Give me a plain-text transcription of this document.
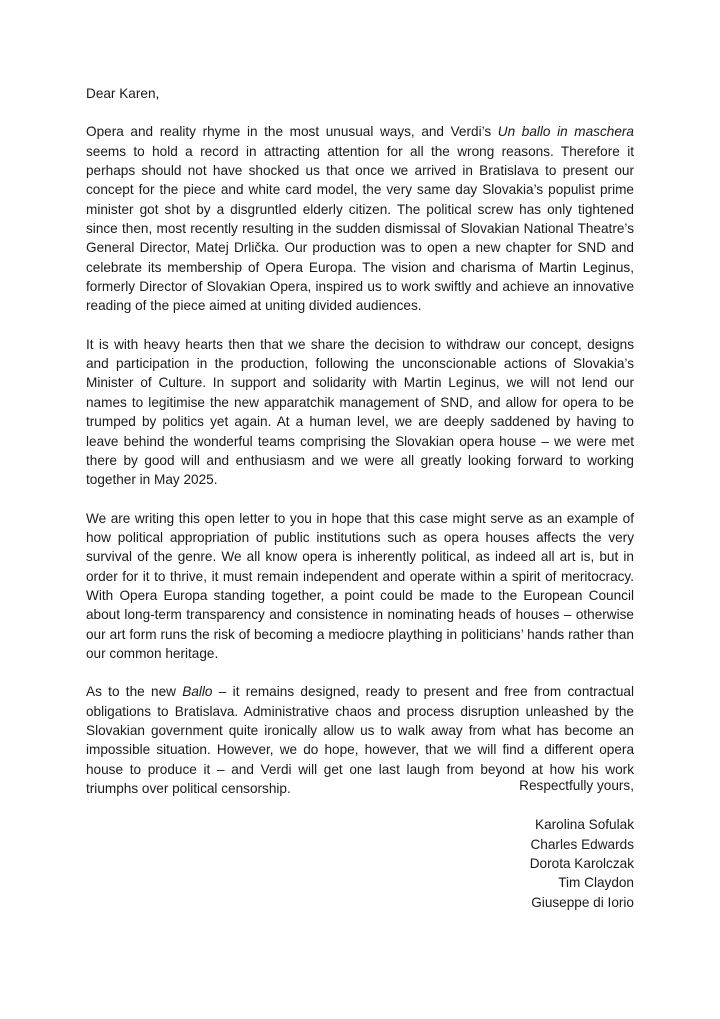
Dear Karen,

Opera and reality rhyme in the most unusual ways, and Verdi’s Un ballo in maschera seems to hold a record in attracting attention for all the wrong reasons. Therefore it perhaps should not have shocked us that once we arrived in Bratislava to present our concept for the piece and white card model, the very same day Slovakia’s populist prime minister got shot by a disgruntled elderly citizen. The political screw has only tightened since then, most recently resulting in the sudden dismissal of Slovakian National Theatre’s General Director, Matej Drlička. Our production was to open a new chapter for SND and celebrate its membership of Opera Europa. The vision and charisma of Martin Leginus, formerly Director of Slovakian Opera, inspired us to work swiftly and achieve an innovative reading of the piece aimed at uniting divided audiences.

It is with heavy hearts then that we share the decision to withdraw our concept, designs and participation in the production, following the unconscionable actions of Slovakia’s Minister of Culture. In support and solidarity with Martin Leginus, we will not lend our names to legitimise the new apparatchik management of SND, and allow for opera to be trumped by politics yet again. At a human level, we are deeply saddened by having to leave behind the wonderful teams comprising the Slovakian opera house – we were met there by good will and enthusiasm and we were all greatly looking forward to working together in May 2025.

We are writing this open letter to you in hope that this case might serve as an example of how political appropriation of public institutions such as opera houses affects the very survival of the genre. We all know opera is inherently political, as indeed all art is, but in order for it to thrive, it must remain independent and operate within a spirit of meritocracy. With Opera Europa standing together, a point could be made to the European Council about long-term transparency and consistence in nominating heads of houses – otherwise our art form runs the risk of becoming a mediocre plaything in politicians’ hands rather than our common heritage.

As to the new Ballo – it remains designed, ready to present and free from contractual obligations to Bratislava. Administrative chaos and process disruption unleashed by the Slovakian government quite ironically allow us to walk away from what has become an impossible situation. However, we do hope, however, that we will find a different opera house to produce it – and Verdi will get one last laugh from beyond at how his work triumphs over political censorship.	Respectfully yours,

Karolina Sofulak
Charles Edwards
Dorota Karolczak
Tim Claydon
Giuseppe di Iorio
